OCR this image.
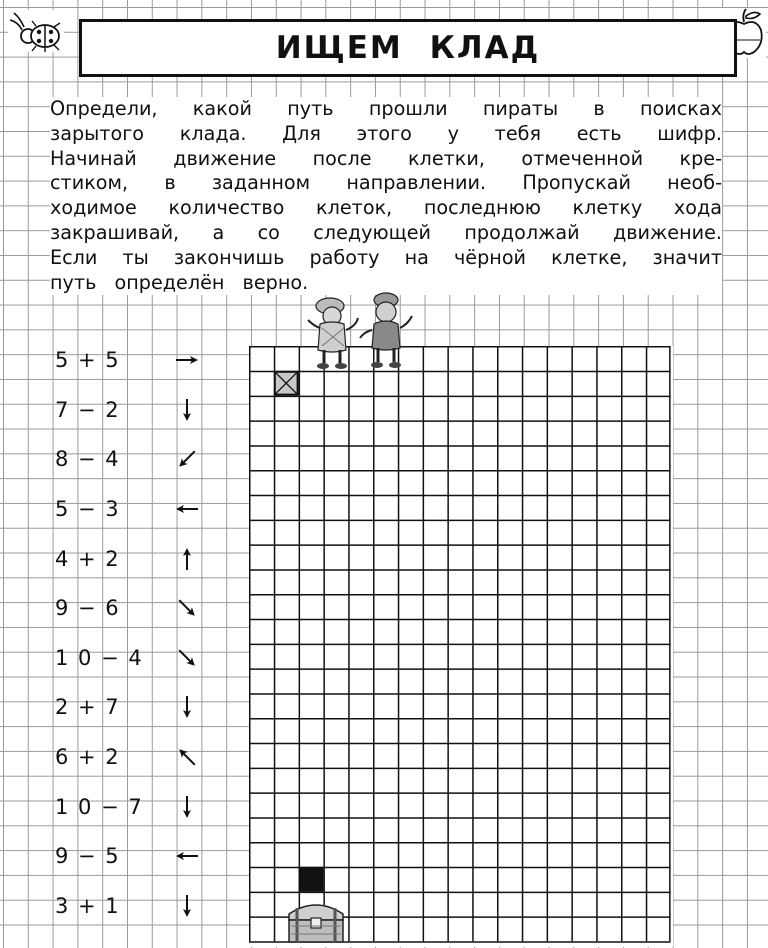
ИЩЕМ КЛАД
Определи, какой путь прошли пираты в поисках
зарытого клада. Для этого у тебя есть шифр.
Начинай движение после клетки, отмеченной кре-
стиком, в заданном направлении. Пропускай необ-
ходимое количество клеток, последнюю клетку хода
закрашивай, а со следующей продолжай движение.
Если ты закончишь работу на чёрной клетке, значит
путь определён верно.
5 + 5
7 − 2
8 − 4
5 − 3
4 + 2
9 − 6
1 0 − 4
2 + 7
6 + 2
1 0 − 7
9 − 5
3 + 1
